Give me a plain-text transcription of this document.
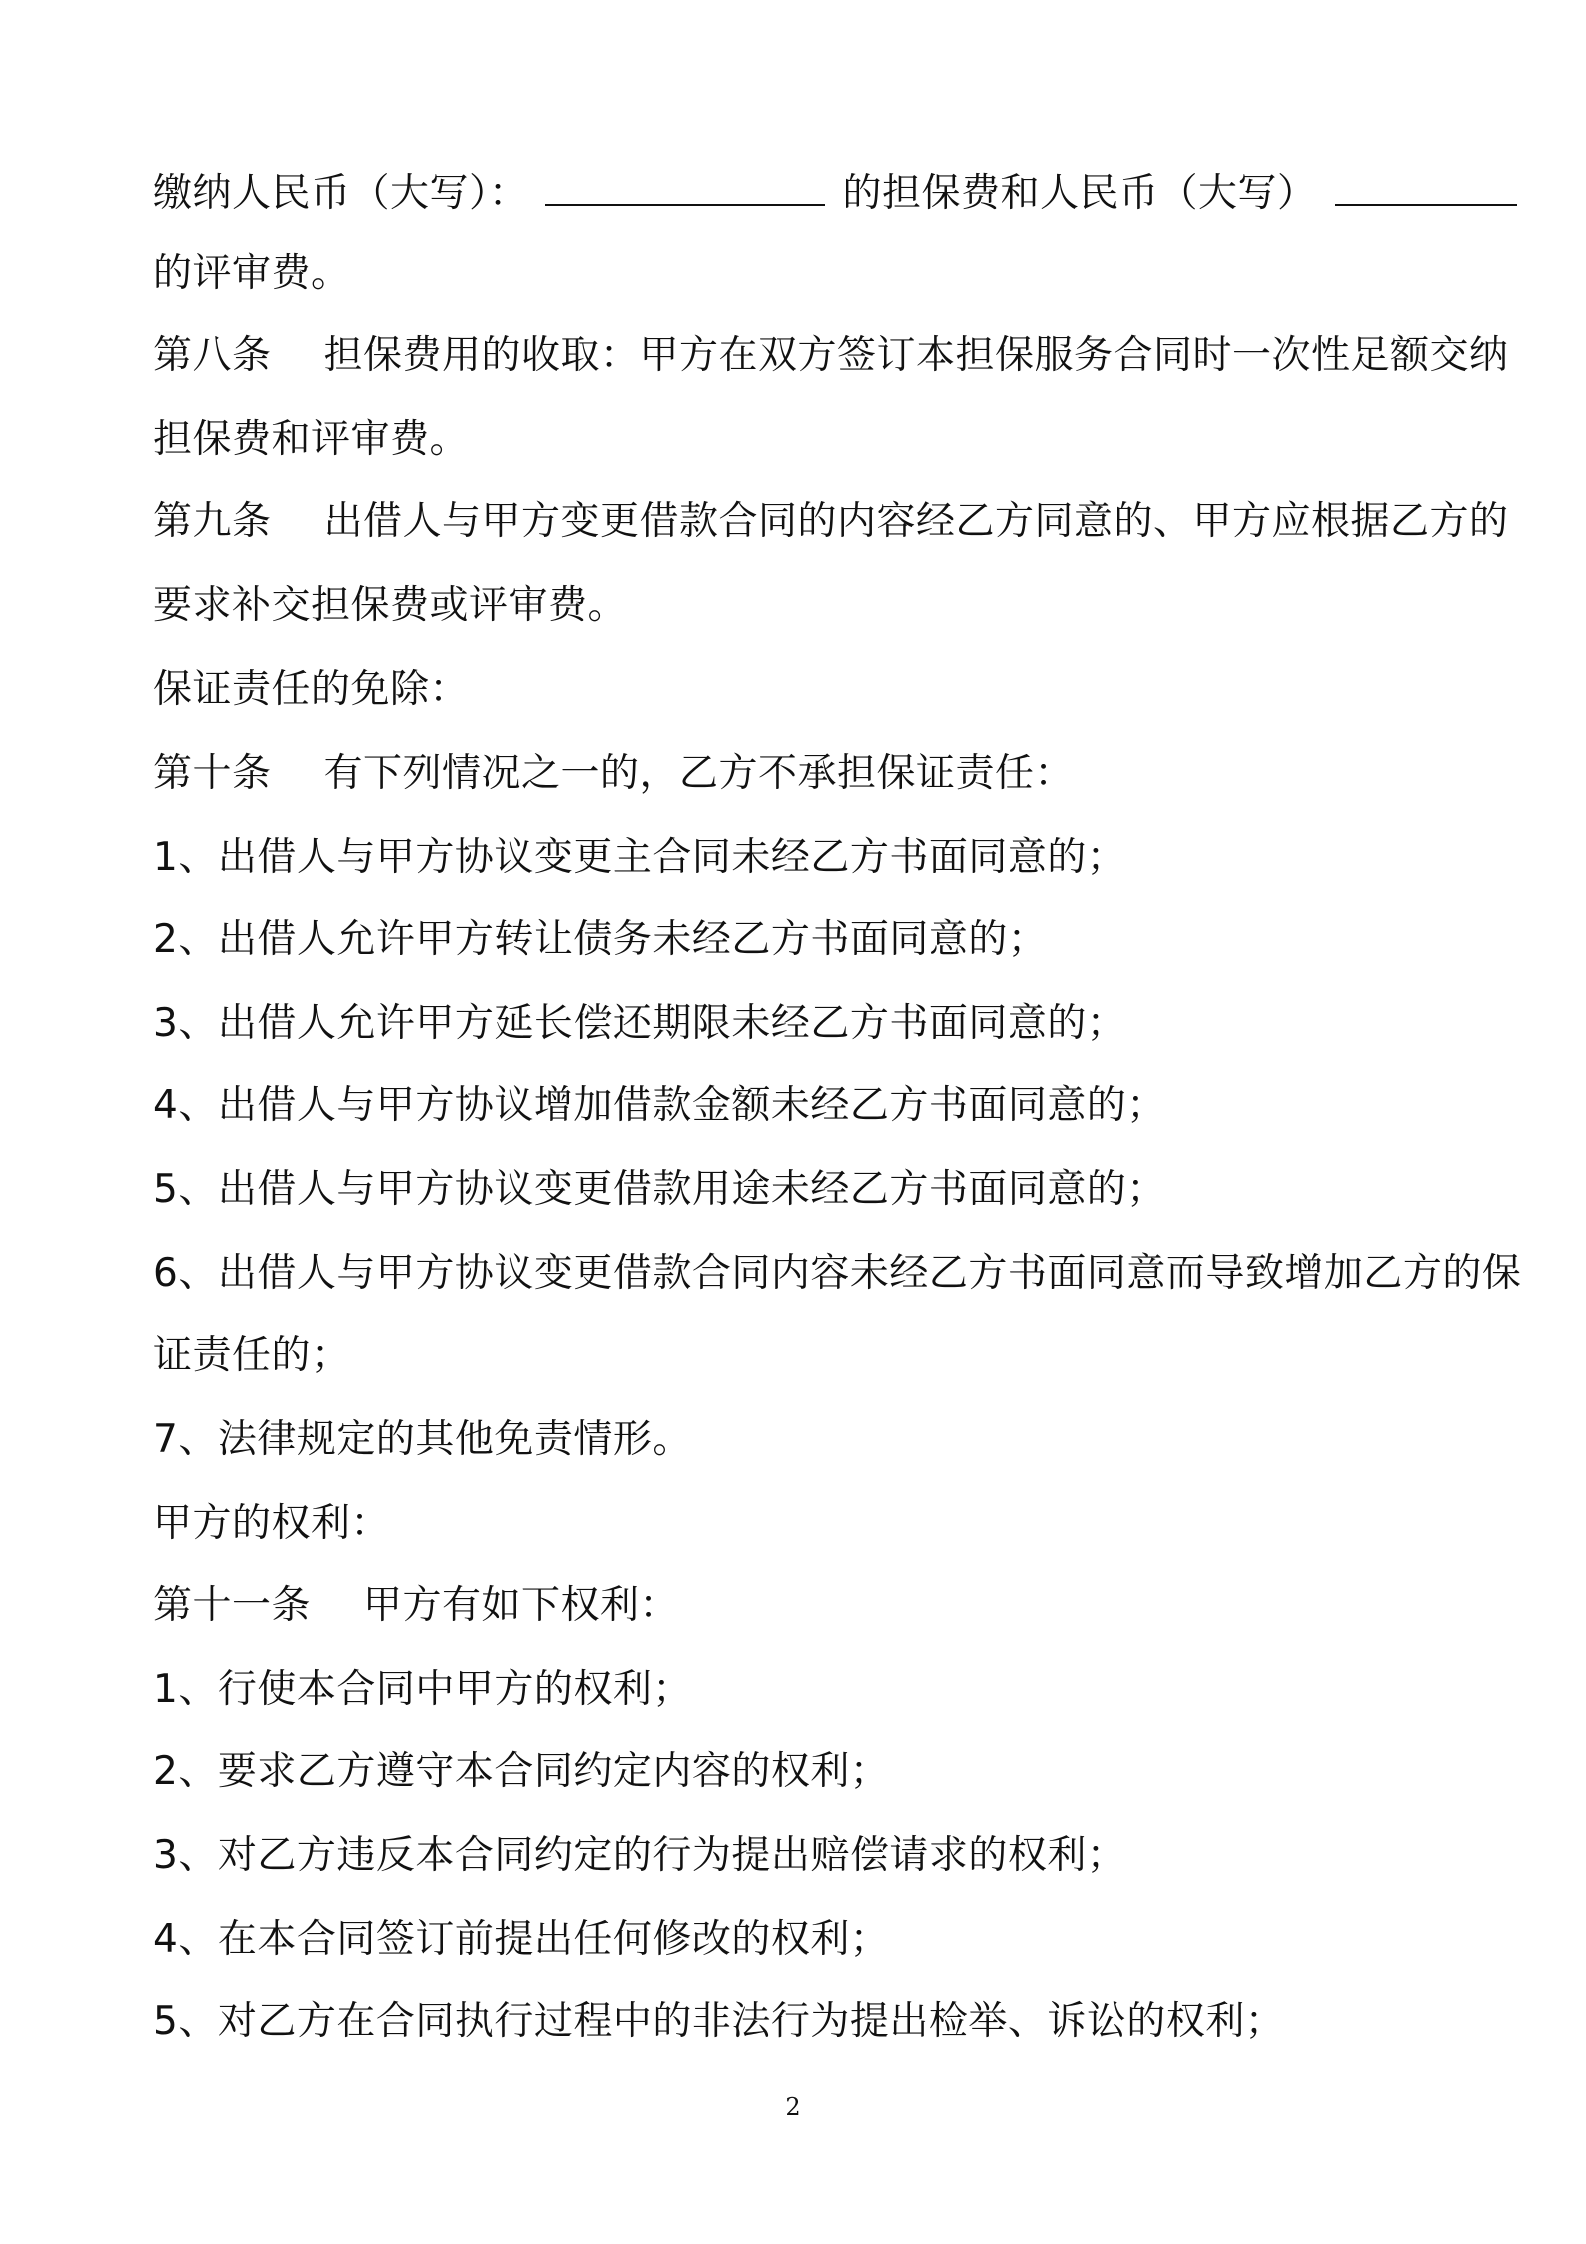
缴纳人民币（大写）：	的担保费和人民币（大写）
的评审费。
第八条 担保费用的收取：甲方在双方签订本担保服务合同时一次性足额交纳
担保费和评审费。
第九条 出借人与甲方变更借款合同的内容经乙方同意的、甲方应根据乙方的
要求补交担保费或评审费。
保证责任的免除：
第十条 有下列情况之一的，乙方不承担保证责任：
1、出借人与甲方协议变更主合同未经乙方书面同意的；
2、出借人允许甲方转让债务未经乙方书面同意的；
3、出借人允许甲方延长偿还期限未经乙方书面同意的；
4、出借人与甲方协议增加借款金额未经乙方书面同意的；
5、出借人与甲方协议变更借款用途未经乙方书面同意的；
6、出借人与甲方协议变更借款合同内容未经乙方书面同意而导致增加乙方的保
证责任的；
7、法律规定的其他免责情形。
甲方的权利：
第十一条 甲方有如下权利：
1、行使本合同中甲方的权利；
2、要求乙方遵守本合同约定内容的权利；
3、对乙方违反本合同约定的行为提出赔偿请求的权利；
4、在本合同签订前提出任何修改的权利；
5、对乙方在合同执行过程中的非法行为提出检举、诉讼的权利；
2
